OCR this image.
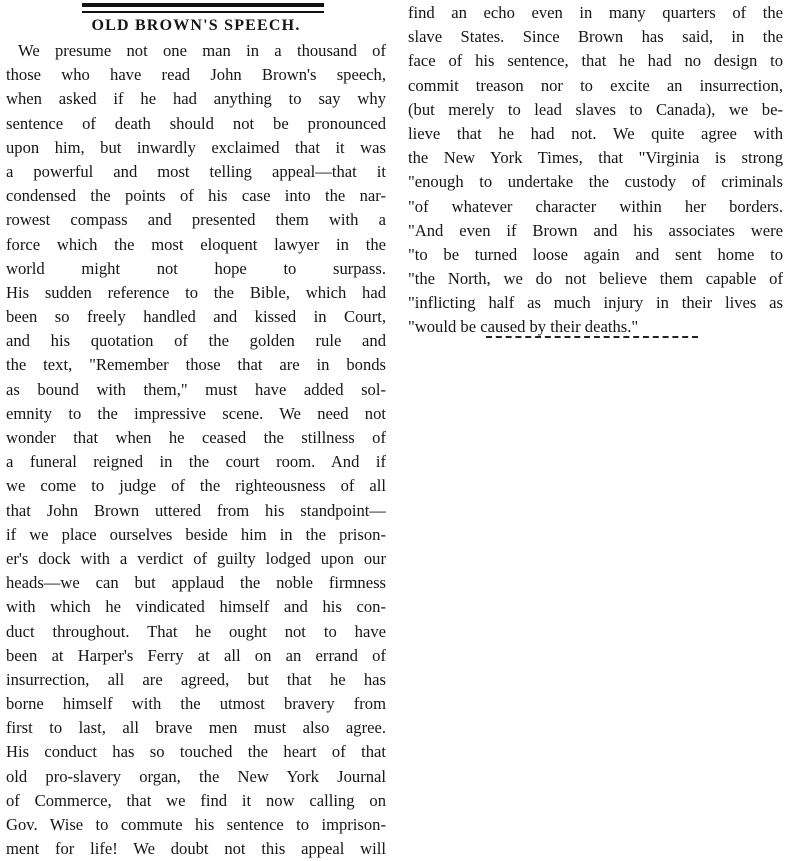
OLD BROWN'S SPEECH.
We presume not one man in a thousand of
those who have read John Brown's speech,
when asked if he had anything to say why
sentence of death should not be pronounced
upon him, but inwardly exclaimed that it was
a powerful and most telling appeal—that it
condensed the points of his case into the nar-
rowest compass and presented them with a
force which the most eloquent lawyer in the
world might not hope to surpass.
His sudden reference to the Bible, which had
been so freely handled and kissed in Court,
and his quotation of the golden rule and
the text, "Remember those that are in bonds
as bound with them," must have added sol-
emnity to the impressive scene. We need not
wonder that when he ceased the stillness of
a funeral reigned in the court room. And if
we come to judge of the righteousness of all
that John Brown uttered from his standpoint—
if we place ourselves beside him in the prison-
er's dock with a verdict of guilty lodged upon our
heads—we can but applaud the noble firmness
with which he vindicated himself and his con-
duct throughout. That he ought not to have
been at Harper's Ferry at all on an errand of
insurrection, all are agreed, but that he has
borne himself with the utmost bravery from
first to last, all brave men must also agree.
His conduct has so touched the heart of that
old pro-slavery organ, the New York Journal
of Commerce, that we find it now calling on
Gov. Wise to commute his sentence to imprison-
ment for life! We doubt not this appeal will
find an echo even in many quarters of the
slave States. Since Brown has said, in the
face of his sentence, that he had no design to
commit treason nor to excite an insurrection,
(but merely to lead slaves to Canada), we be-
lieve that he had not. We quite agree with
the New York Times, that "Virginia is strong
"enough to undertake the custody of criminals
"of whatever character within her borders.
"And even if Brown and his associates were
"to be turned loose again and sent home to
"the North, we do not believe them capable of
"inflicting half as much injury in their lives as
"would be caused by their deaths."
